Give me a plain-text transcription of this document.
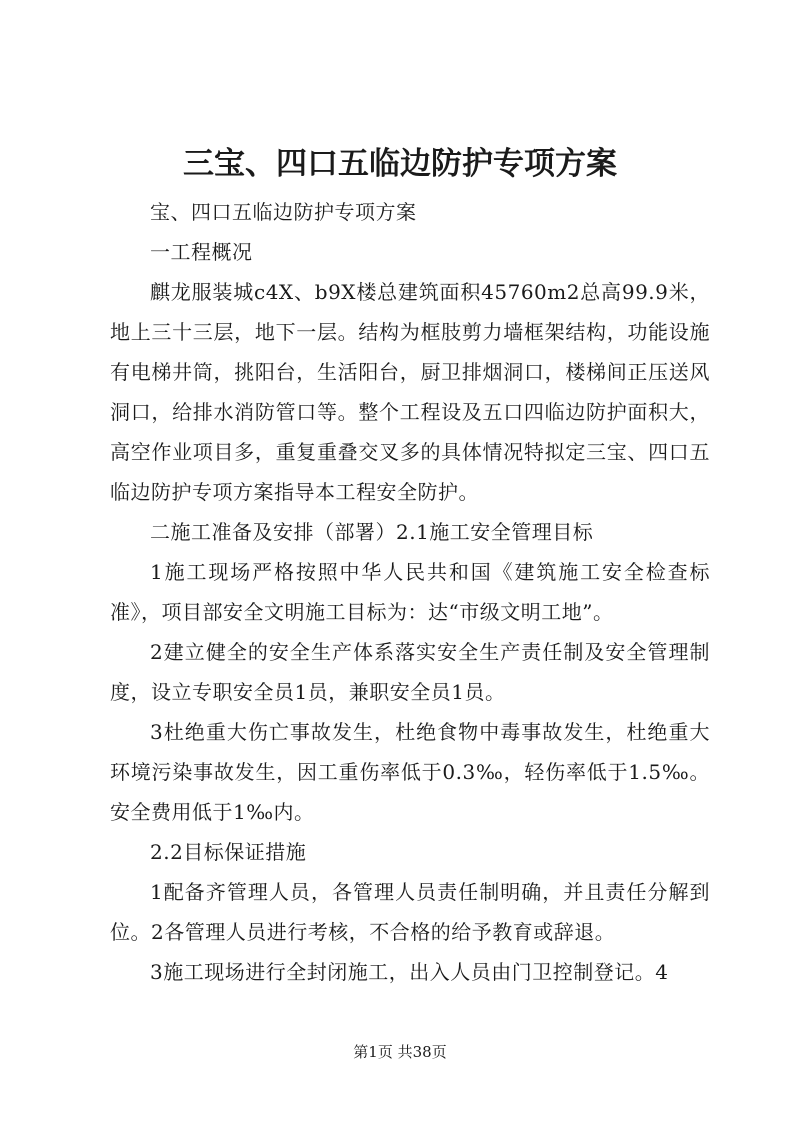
三宝、四口五临边防护专项方案

宝、四口五临边防护专项方案

一工程概况

麒龙服装城c4X、b9X楼总建筑面积45760m2总高99.9米，地上三十三层，地下一层。结构为框肢剪力墙框架结构，功能设施有电梯井筒，挑阳台，生活阳台，厨卫排烟洞口，楼梯间正压送风洞口，给排水消防管口等。整个工程设及五口四临边防护面积大，高空作业项目多，重复重叠交叉多的具体情况特拟定三宝、四口五临边防护专项方案指导本工程安全防护。

二施工准备及安排（部署）2.1施工安全管理目标

1施工现场严格按照中华人民共和国《建筑施工安全检查标准》，项目部安全文明施工目标为：达“市级文明工地”。

2建立健全的安全生产体系落实安全生产责任制及安全管理制度，设立专职安全员1员，兼职安全员1员。

3杜绝重大伤亡事故发生，杜绝食物中毒事故发生，杜绝重大环境污染事故发生，因工重伤率低于0.3‰，轻伤率低于1.5‰。安全费用低于1‰内。

2.2目标保证措施

1配备齐管理人员，各管理人员责任制明确，并且责任分解到位。2各管理人员进行考核，不合格的给予教育或辞退。

3施工现场进行全封闭施工，出入人员由门卫控制登记。4

第1页 共38页
